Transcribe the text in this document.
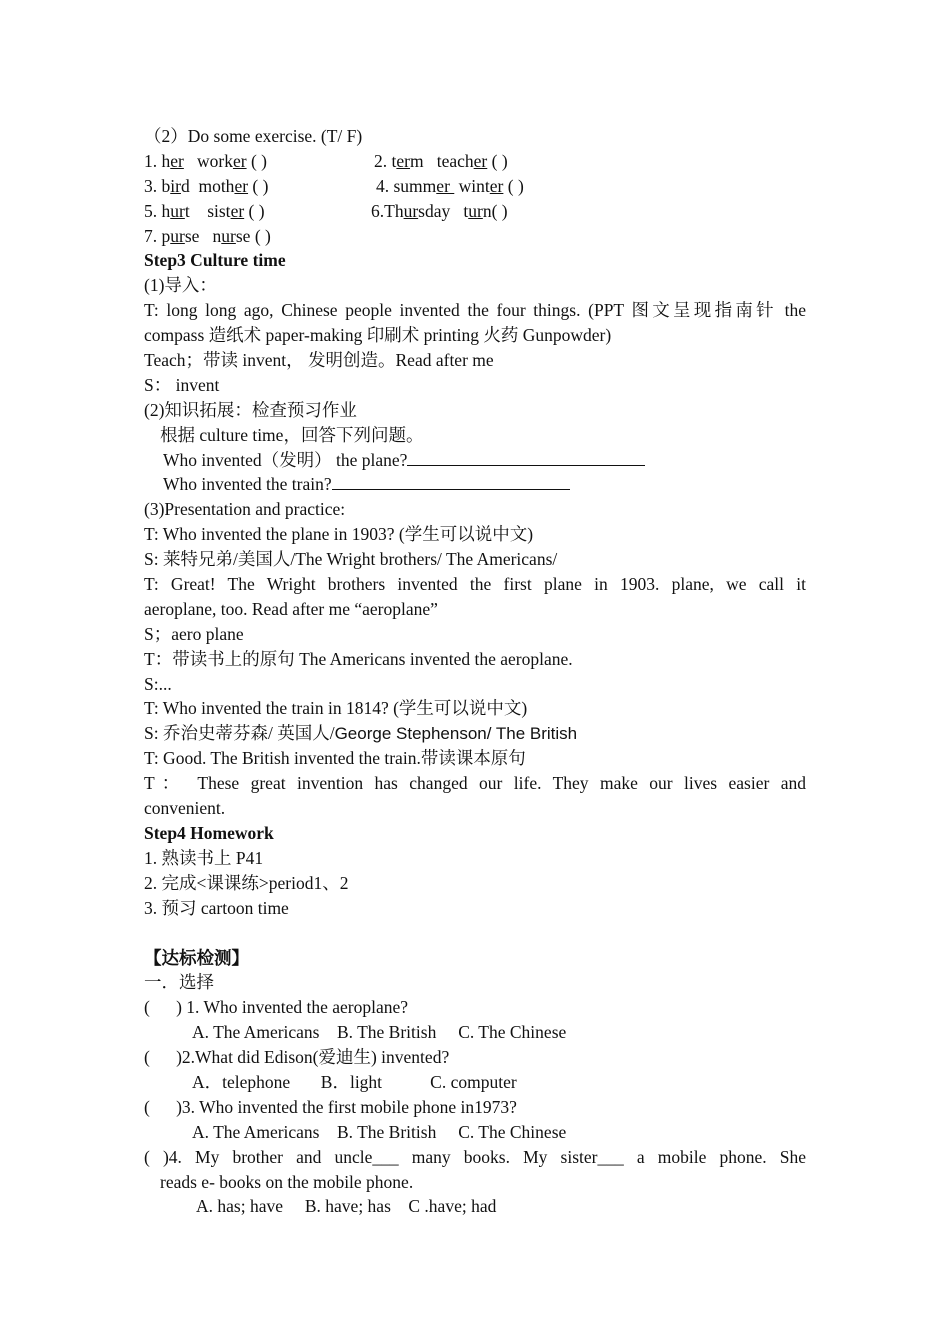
（2）Do some exercise. (T/ F)
1. her worker ( )	2. term teacher ( )
3. bird mother ( )	4. summer  winter ( )
5. hurt sister ( )	6.Thursday turn( )
7. purse nurse ( )
Step3 Culture time
(1)导入：
T: long long ago, Chinese people invented the four things. (PPT 图文呈现指南针 the
compass 造纸术 paper-making 印刷术 printing 火药 Gunpowder)
Teach；带读 invent， 发明创造。Read after me
S： invent
(2)知识拓展：检查预习作业
根据 culture time，回答下列问题。
Who invented（发明） the plane?
Who invented the train?
(3)Presentation and practice:
T: Who invented the plane in 1903? (学生可以说中文)
S: 莱特兄弟/美国人/The Wright brothers/ The Americans/
T: Great! The Wright brothers invented the first plane in 1903. plane, we call it
aeroplane, too. Read after me “aeroplane”
S；aero plane
T：带读书上的原句 The Americans invented the aeroplane.
S:...
T: Who invented the train in 1814? (学生可以说中文)
S: 乔治史蒂芬森/ 英国人/George Stephenson/ The British
T: Good. The British invented the train.带读课本原句
T： These great invention has changed our life. They make our lives easier and
convenient.
Step4 Homework
1. 熟读书上 P41
2. 完成<课课练>period1、2
3. 预习 cartoon time
【达标检测】
一．选择
(      ) 1. Who invented the aeroplane?
A. The Americans    B. The British     C. The Chinese
(      )2.What did Edison(爱迪生) invented?
A．telephone       B．light           C. computer
(      )3. Who invented the first mobile phone in1973?
A. The Americans    B. The British     C. The Chinese
( )4. My brother and uncle___ many books. My sister___ a mobile phone. She
reads e- books on the mobile phone.
A. has; have     B. have; has    C .have; had
